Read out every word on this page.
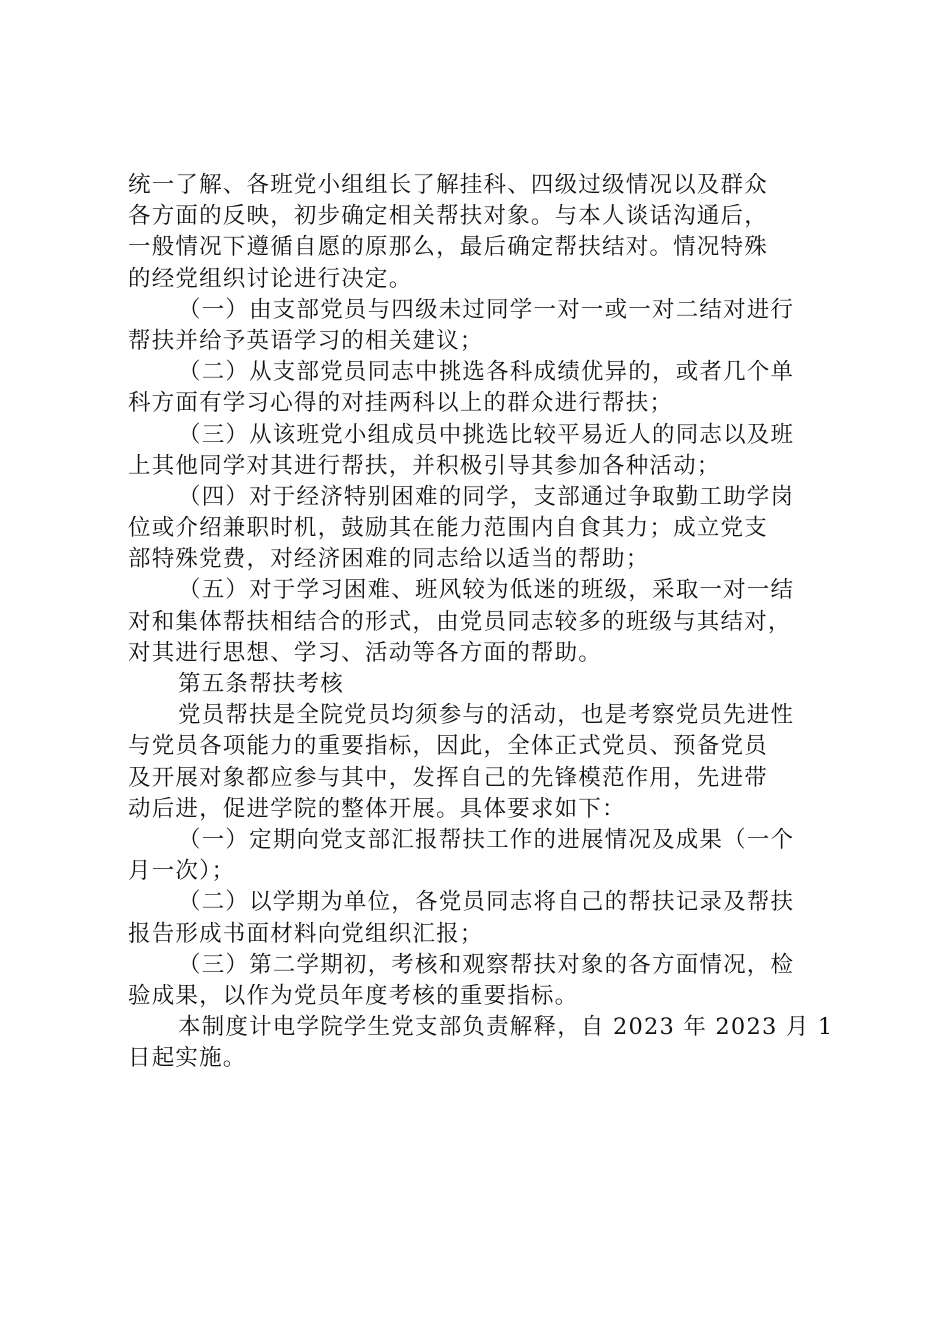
统一了解、各班党小组组长了解挂科、四级过级情况以及群众
各方面的反映，初步确定相关帮扶对象。与本人谈话沟通后，
一般情况下遵循自愿的原那么，最后确定帮扶结对。情况特殊
的经党组织讨论进行决定。
（一）由支部党员与四级未过同学一对一或一对二结对进行
帮扶并给予英语学习的相关建议；
（二）从支部党员同志中挑选各科成绩优异的，或者几个单
科方面有学习心得的对挂两科以上的群众进行帮扶；
（三）从该班党小组成员中挑选比较平易近人的同志以及班
上其他同学对其进行帮扶，并积极引导其参加各种活动；
（四）对于经济特别困难的同学，支部通过争取勤工助学岗
位或介绍兼职时机，鼓励其在能力范围内自食其力；成立党支
部特殊党费，对经济困难的同志给以适当的帮助；
（五）对于学习困难、班风较为低迷的班级，采取一对一结
对和集体帮扶相结合的形式，由党员同志较多的班级与其结对，
对其进行思想、学习、活动等各方面的帮助。
第五条帮扶考核
党员帮扶是全院党员均须参与的活动，也是考察党员先进性
与党员各项能力的重要指标，因此，全体正式党员、预备党员
及开展对象都应参与其中，发挥自己的先锋模范作用，先进带
动后进，促进学院的整体开展。具体要求如下：
（一）定期向党支部汇报帮扶工作的进展情况及成果（一个
月一次）；
（二）以学期为单位，各党员同志将自己的帮扶记录及帮扶
报告形成书面材料向党组织汇报；
（三）第二学期初，考核和观察帮扶对象的各方面情况，检
验成果，以作为党员年度考核的重要指标。
本制度计电学院学生党支部负责解释，自 2023 年 2023 月 1
日起实施。
